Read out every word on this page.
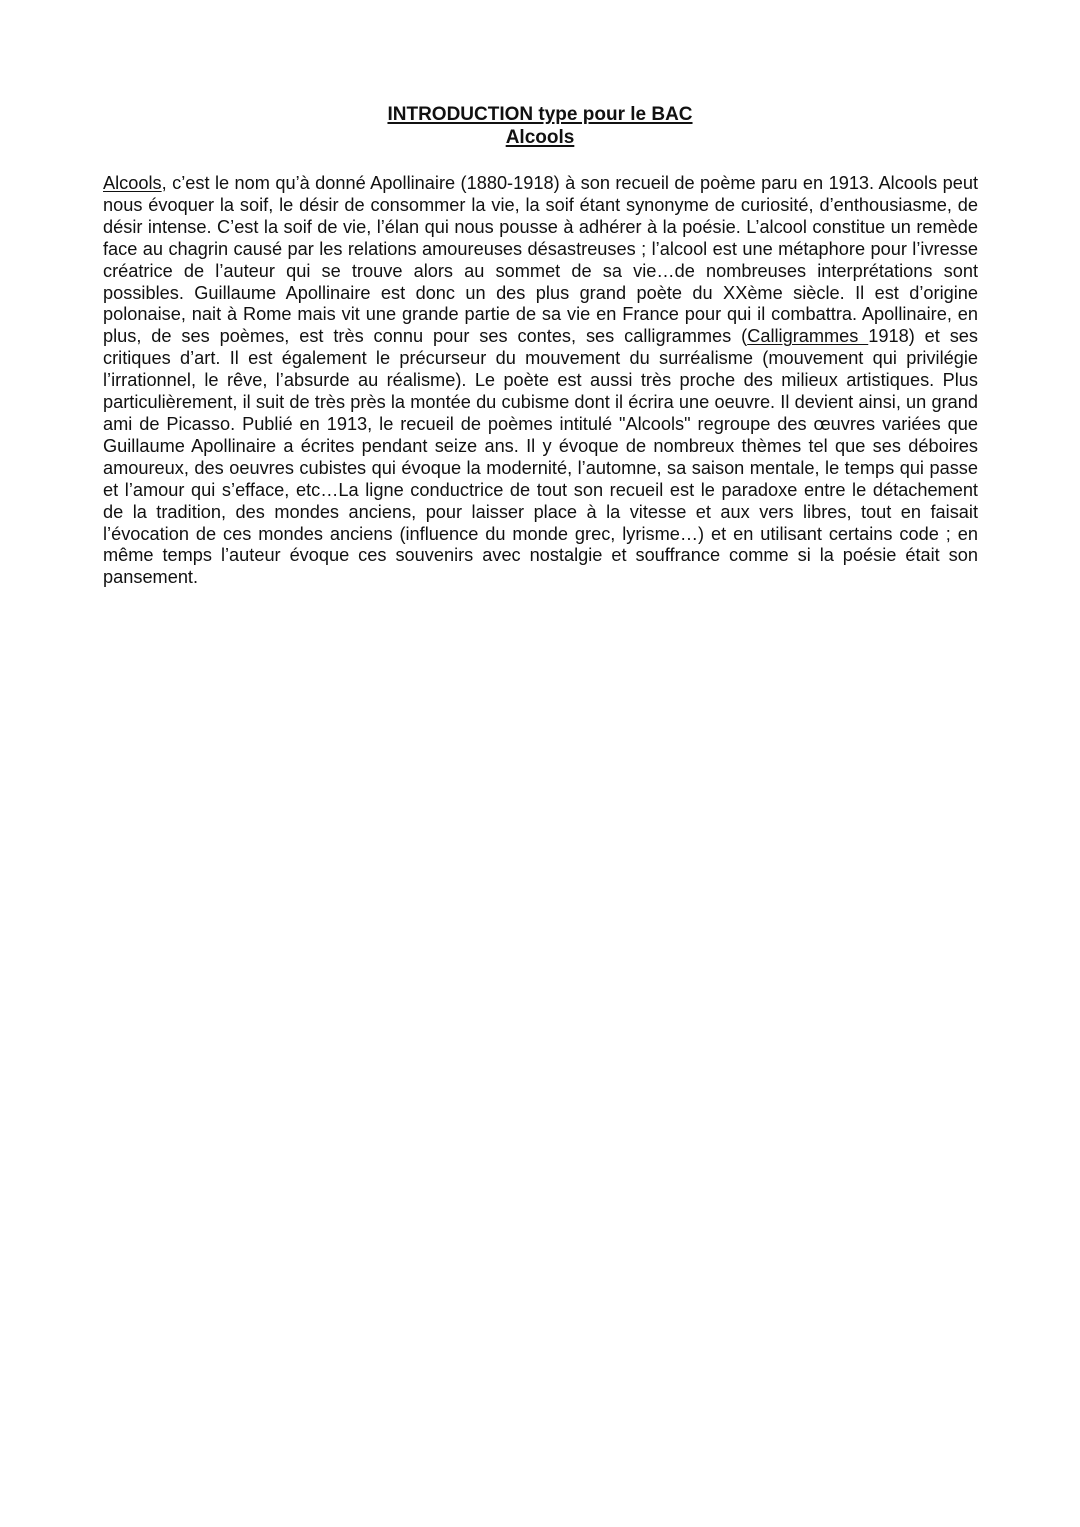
INTRODUCTION type pour le BAC
Alcools
Alcools, c’est le nom qu’à donné Apollinaire (1880-1918) à son recueil de poème paru en 1913. Alcools peut nous évoquer la soif, le désir de consommer la vie, la soif étant synonyme de curiosité, d’enthousiasme, de désir intense. C’est la soif de vie, l’élan qui nous pousse à adhérer à la poésie. L’alcool constitue un remède face au chagrin causé par les relations amoureuses désastreuses ; l’alcool est une métaphore pour l’ivresse créatrice de l’auteur qui se trouve alors au sommet de sa vie…de nombreuses interprétations sont possibles. Guillaume Apollinaire est donc un des plus grand poète du XXème siècle. Il est d’origine polonaise, nait à Rome mais vit une grande partie de sa vie en France pour qui il combattra. Apollinaire, en plus, de ses poèmes, est très connu pour ses contes, ses calligrammes (Calligrammes 1918) et ses critiques d’art. Il est également le précurseur du mouvement du surréalisme (mouvement qui privilégie l’irrationnel, le rêve, l’absurde au réalisme). Le poète est aussi très proche des milieux artistiques. Plus particulièrement, il suit de très près la montée du cubisme dont il écrira une oeuvre. Il devient ainsi, un grand ami de Picasso. Publié en 1913, le recueil de poèmes intitulé "Alcools" regroupe des œuvres variées que Guillaume Apollinaire a écrites pendant seize ans. Il y évoque de nombreux thèmes tel que ses déboires amoureux, des oeuvres cubistes qui évoque la modernité, l’automne, sa saison mentale, le temps qui passe et l’amour qui s’efface, etc…La ligne conductrice de tout son recueil est le paradoxe entre le détachement de la tradition, des mondes anciens, pour laisser place à la vitesse et aux vers libres, tout en faisait l’évocation de ces mondes anciens (influence du monde grec, lyrisme…) et en utilisant certains code ; en même temps l’auteur évoque ces souvenirs avec nostalgie et souffrance comme si la poésie était son pansement.
